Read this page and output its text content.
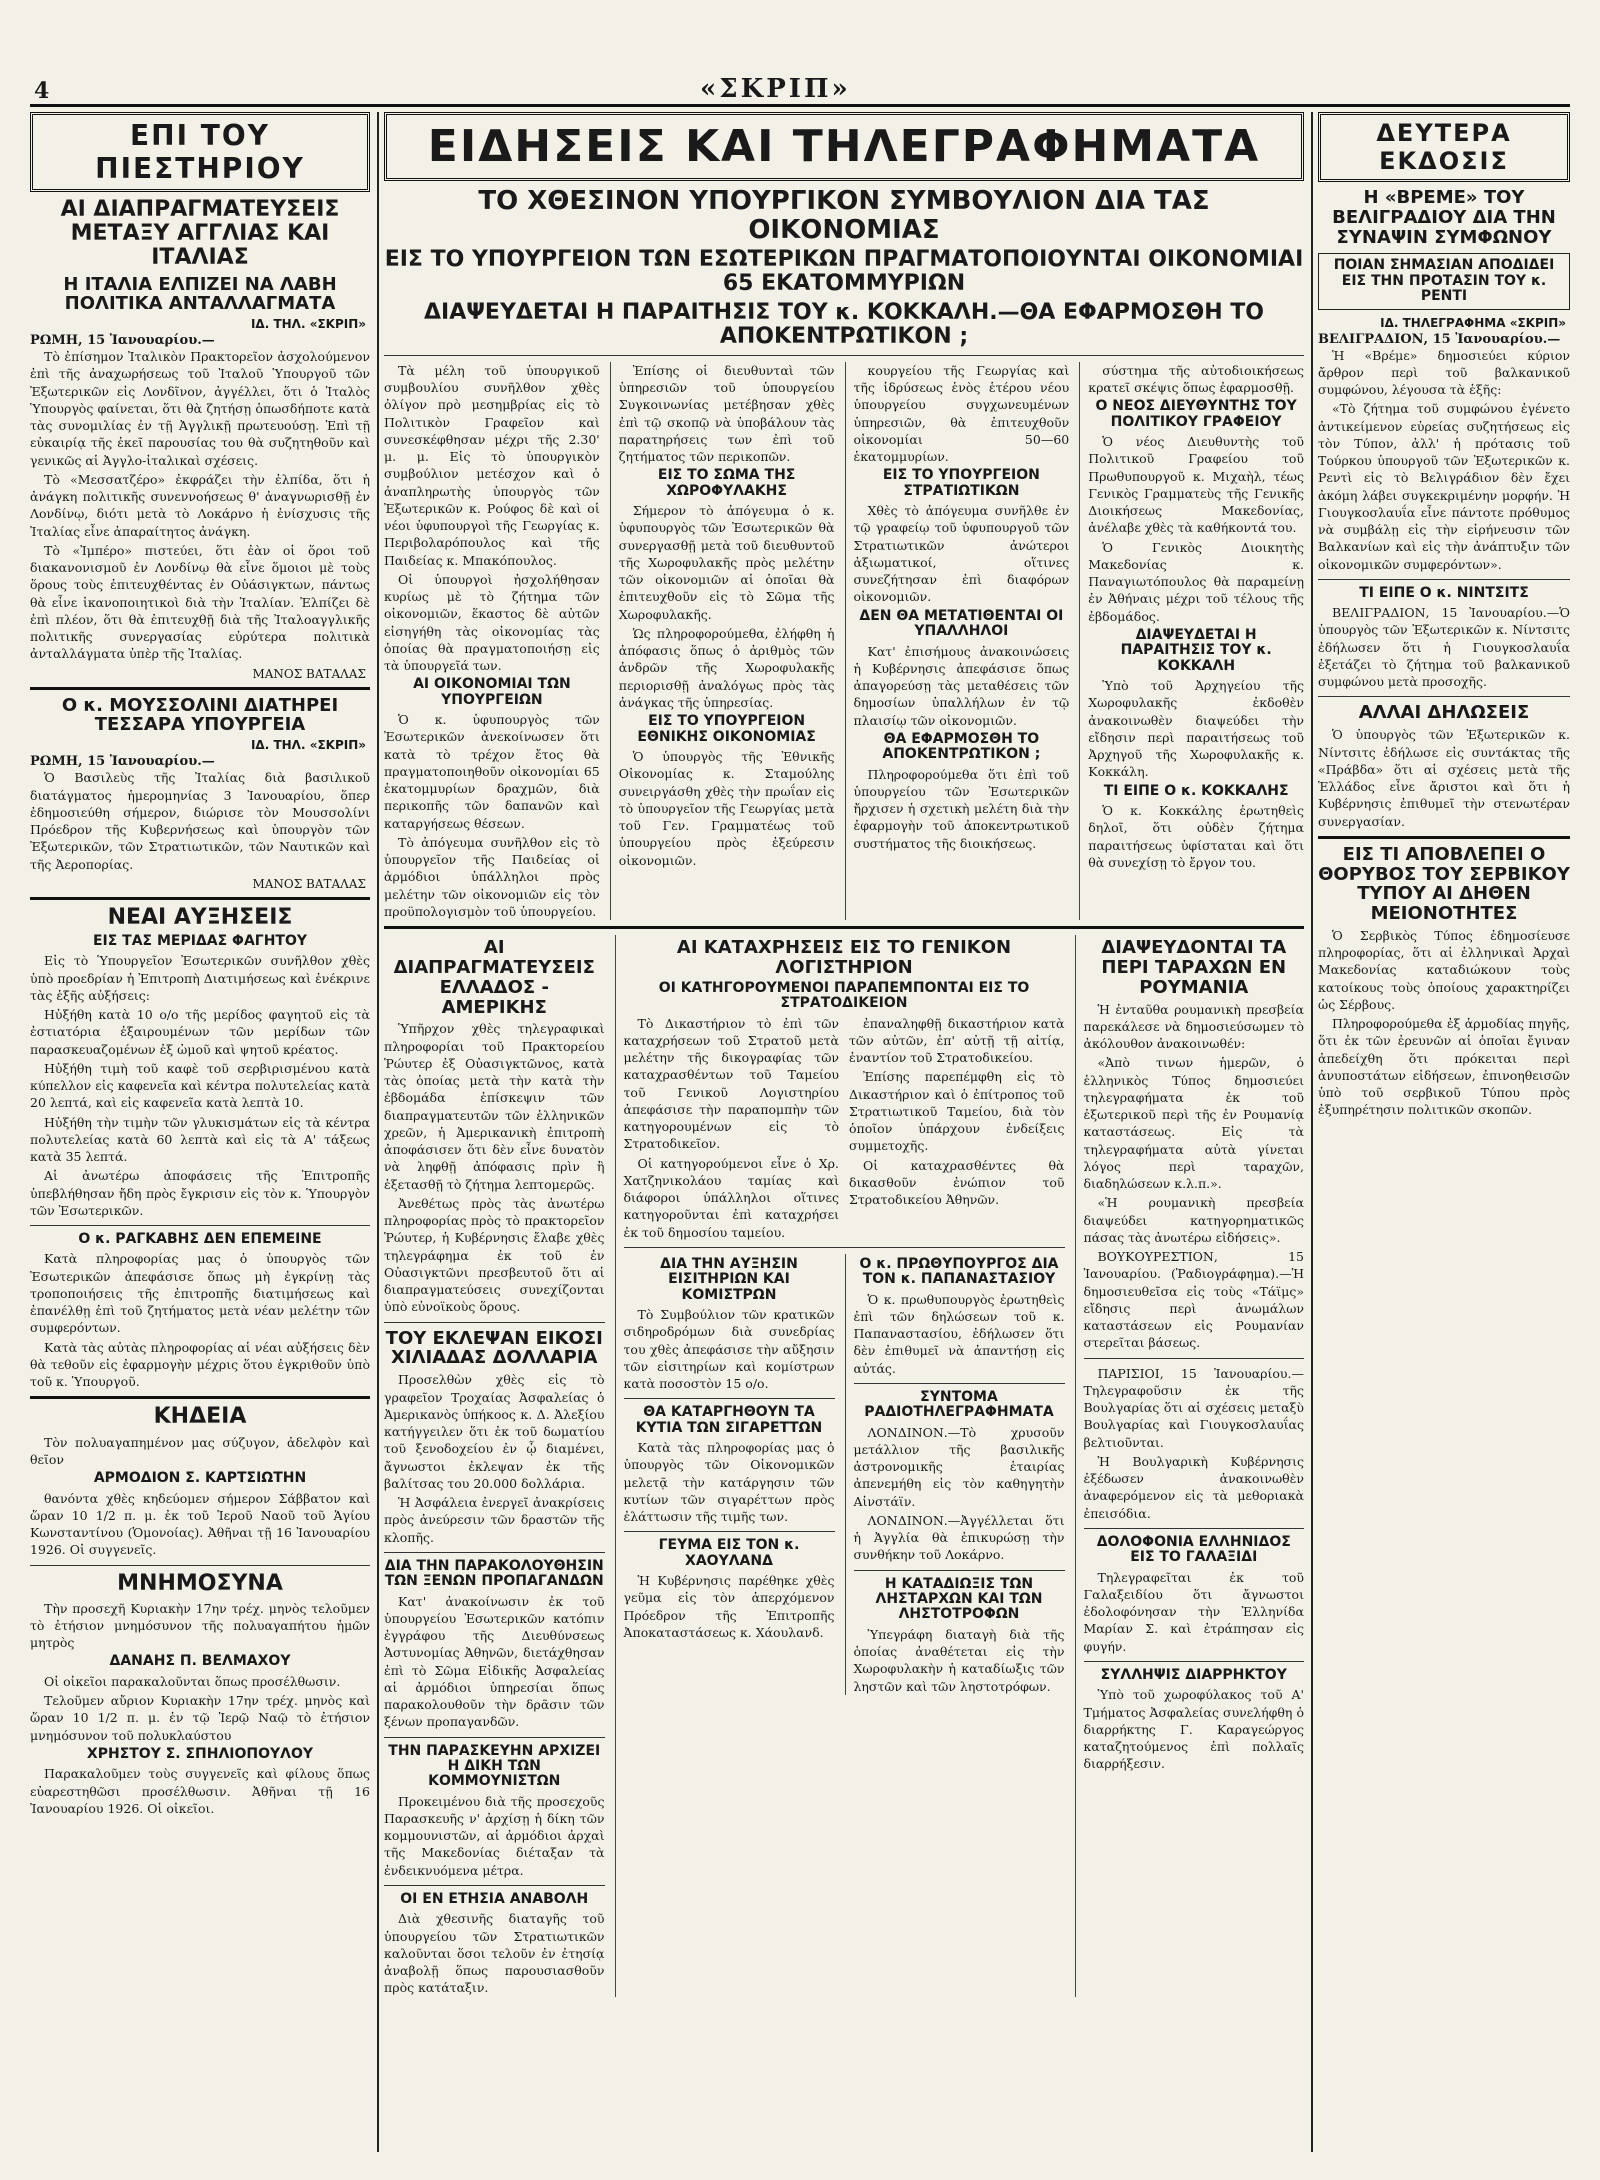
4	«ΣΚΡΙΠ»
ΕΠΙ ΤΟΥ ΠΙΕΣΤΗΡΙΟΥ
ΑΙ ΔΙΑΠΡΑΓΜΑΤΕΥΣΕΙΣ ΜΕΤΑΞΥ ΑΓΓΛΙΑΣ ΚΑΙ ΙΤΑΛΙΑΣ
Η ΙΤΑΛΙΑ ΕΛΠΙΖΕΙ ΝΑ ΛΑΒΗ ΠΟΛΙΤΙΚΑ ΑΝΤΑΛΛΑΓΜΑΤΑ
ΙΔ. ΤΗΛ. «ΣΚΡΙΠ»
ΡΩΜΗ, 15 Ἰανουαρίου.—

Τὸ ἐπίσημον Ἰταλικὸν Πρακτορεῖον ἀσχολούμενον ἐπὶ τῆς ἀναχωρήσεως τοῦ Ἰταλοῦ Ὑπουργοῦ τῶν Ἐξωτερικῶν εἰς Λονδῖνον, ἀγγέλλει, ὅτι ὁ Ἰταλὸς Ὑπουργὸς φαίνεται, ὅτι θὰ ζητήσῃ ὁπωσδήποτε κατὰ τὰς συνομιλίας ἐν τῇ Ἀγγλικῇ πρωτευούσῃ. Ἐπὶ τῇ εὐκαιρίᾳ τῆς ἐκεῖ παρουσίας του θὰ συζητηθοῦν καὶ γενικῶς αἱ Ἀγγλο-ἰταλικαὶ σχέσεις.

Τὸ «Μεσσατζέρο» ἐκφράζει τὴν ἐλπίδα, ὅτι ἡ ἀνάγκη πολιτικῆς συνεννοήσεως θ' ἀναγνωρισθῇ ἐν Λονδίνῳ, διότι μετὰ τὸ Λοκάρνο ἡ ἐνίσχυσις τῆς Ἰταλίας εἶνε ἀπαραίτητος ἀνάγκη.

Τὸ «Ἰμπέρο» πιστεύει, ὅτι ἐὰν οἱ ὅροι τοῦ διακανονισμοῦ ἐν Λονδίνῳ θὰ εἶνε ὅμοιοι μὲ τοὺς ὅρους τοὺς ἐπιτευχθέντας ἐν Οὐάσιγκτων, πάντως θὰ εἶνε ἱκανοποιητικοὶ διὰ τὴν Ἰταλίαν. Ἐλπίζει δὲ ἐπὶ πλέον, ὅτι θὰ ἐπιτευχθῇ διὰ τῆς Ἰταλοαγγλικῆς πολιτικῆς συνεργασίας εὐρύτερα πολιτικὰ ἀνταλλάγματα ὑπὲρ τῆς Ἰταλίας.

ΜΑΝΟΣ ΒΑΤΑΛΑΣ
Ο κ. ΜΟΥΣΣΟΛΙΝΙ ΔΙΑΤΗΡΕΙ ΤΕΣΣΑΡΑ ΥΠΟΥΡΓΕΙΑ
ΙΔ. ΤΗΛ. «ΣΚΡΙΠ»
ΡΩΜΗ, 15 Ἰανουαρίου.—

Ὁ Βασιλεὺς τῆς Ἰταλίας διὰ βασιλικοῦ διατάγματος ἡμερομηνίας 3 Ἰανουαρίου, ὅπερ ἐδημοσιεύθη σήμερον, διώρισε τὸν Μουσσολίνι Πρόεδρον τῆς Κυβερνήσεως καὶ ὑπουργὸν τῶν Ἐξωτερικῶν, τῶν Στρατιωτικῶν, τῶν Ναυτικῶν καὶ τῆς Ἀεροπορίας.

ΜΑΝΟΣ ΒΑΤΑΛΑΣ
ΝΕΑΙ ΑΥΞΗΣΕΙΣ
ΕΙΣ ΤΑΣ ΜΕΡΙΔΑΣ ΦΑΓΗΤΟΥ

Εἰς τὸ Ὑπουργεῖον Ἐσωτερικῶν συνῆλθον χθὲς ὑπὸ προεδρίαν ἡ Ἐπιτροπὴ Διατιμήσεως καὶ ἐνέκρινε τὰς ἑξῆς αὐξήσεις:

Ηὐξήθη κατὰ 10 ο/ο τῆς μερίδος φαγητοῦ εἰς τὰ ἐστιατόρια ἐξαιρουμένων τῶν μερίδων τῶν παρασκευαζομένων ἐξ ὠμοῦ καὶ ψητοῦ κρέατος.

Ηὐξήθη τιμὴ τοῦ καφὲ τοῦ σερβιρισμένου κατὰ κύπελλον εἰς καφενεῖα καὶ κέντρα πολυτελείας κατὰ 20 λεπτά, καὶ εἰς καφενεῖα κατὰ λεπτὰ 10.

Ηὐξήθη τὴν τιμὴν τῶν γλυκισμάτων εἰς τὰ κέντρα πολυτελείας κατὰ 60 λεπτὰ καὶ εἰς τὰ Α' τάξεως κατὰ 35 λεπτά.

Αἱ ἀνωτέρω ἀποφάσεις τῆς Ἐπιτροπῆς ὑπεβλήθησαν ἤδη πρὸς ἔγκρισιν εἰς τὸν κ. Ὑπουργὸν τῶν Ἐσωτερικῶν.

Ο κ. ΡΑΓΚΑΒΗΣ ΔΕΝ ΕΠΕΜΕΙΝΕ

Κατὰ πληροφορίας μας ὁ ὑπουργὸς τῶν Ἐσωτερικῶν ἀπεφάσισε ὅπως μὴ ἐγκρίνῃ τὰς τροποποιήσεις τῆς ἐπιτροπῆς διατιμήσεως καὶ ἐπανέλθῃ ἐπὶ τοῦ ζητήματος μετὰ νέαν μελέτην τῶν συμφερόντων.

Κατὰ τὰς αὐτὰς πληροφορίας αἱ νέαι αὐξήσεις δὲν θὰ τεθοῦν εἰς ἐφαρμογὴν μέχρις ὅτου ἐγκριθοῦν ὑπὸ τοῦ κ. Ὑπουργοῦ.

ΚΗΔΕΙΑ

Τὸν πολυαγαπημένον μας σύζυγον, ἀδελφὸν καὶ θεῖον

ΑΡΜΟΔΙΟΝ Σ. ΚΑΡΤΣΙΩΤΗΝ

θανόντα χθὲς κηδεύομεν σήμερον Σάββατον καὶ ὥραν 10 1/2 π. μ. ἐκ τοῦ Ἱεροῦ Ναοῦ τοῦ Ἁγίου Κωνσταντίνου (Ὁμονοίας). Ἀθῆναι τῇ 16 Ἰανουαρίου 1926. Οἱ συγγενεῖς.

ΜΝΗΜΟΣΥΝΑ

Τὴν προσεχῆ Κυριακὴν 17ην τρέχ. μηνὸς τελοῦμεν τὸ ἐτήσιον μνημόσυνον τῆς πολυαγαπήτου ἡμῶν μητρὸς

ΔΑΝΑΗΣ Π. ΒΕΛΜΑΧΟΥ

Οἱ οἰκεῖοι παρακαλοῦνται ὅπως προσέλθωσιν.

Τελοῦμεν αὔριον Κυριακὴν 17ην τρέχ. μηνὸς καὶ ὥραν 10 1/2 π. μ. ἐν τῷ Ἱερῷ Ναῷ τὸ ἐτήσιον μνημόσυνον τοῦ πολυκλαύστου

ΧΡΗΣΤΟΥ Σ. ΣΠΗΛΙΟΠΟΥΛΟΥ

Παρακαλοῦμεν τοὺς συγγενεῖς καὶ φίλους ὅπως εὐαρεστηθῶσι προσέλθωσιν. Ἀθῆναι τῇ 16 Ἰανουαρίου 1926. Οἱ οἰκεῖοι.

ΕΙΔΗΣΕΙΣ ΚΑΙ ΤΗΛΕΓΡΑΦΗΜΑΤΑ
ΤΟ ΧΘΕΣΙΝΟΝ ΥΠΟΥΡΓΙΚΟΝ ΣΥΜΒΟΥΛΙΟΝ ΔΙΑ ΤΑΣ ΟΙΚΟΝΟΜΙΑΣ
ΕΙΣ ΤΟ ΥΠΟΥΡΓΕΙΟΝ ΤΩΝ ΕΣΩΤΕΡΙΚΩΝ ΠΡΑΓΜΑΤΟΠΟΙΟΥΝΤΑΙ ΟΙΚΟΝΟΜΙΑΙ 65 ΕΚΑΤΟΜΜΥΡΙΩΝ
ΔΙΑΨΕΥΔΕΤΑΙ Η ΠΑΡΑΙΤΗΣΙΣ ΤΟΥ κ. ΚΟΚΚΑΛΗ.—ΘΑ ΕΦΑΡΜΟΣΘΗ ΤΟ ΑΠΟΚΕΝΤΡΩΤΙΚΟΝ ;

Τὰ μέλη τοῦ ὑπουργικοῦ συμβουλίου συνῆλθον χθὲς ὀλίγον πρὸ μεσημβρίας εἰς τὸ Πολιτικὸν Γραφεῖον καὶ συνεσκέφθησαν μέχρι τῆς 2.30' μ. μ. Εἰς τὸ ὑπουργικὸν συμβούλιον μετέσχον καὶ ὁ ἀναπληρωτὴς ὑπουργὸς τῶν Ἐξωτερικῶν κ. Ρούφος δὲ καὶ οἱ νέοι ὑφυπουργοὶ τῆς Γεωργίας κ. Περιβολαρόπουλος καὶ τῆς Παιδείας κ. Μπακόπουλος.

Οἱ ὑπουργοὶ ἠσχολήθησαν κυρίως μὲ τὸ ζήτημα τῶν οἰκονομιῶν, ἕκαστος δὲ αὐτῶν εἰσηγήθη τὰς οἰκονομίας τὰς ὁποίας θὰ πραγματοποιήσῃ εἰς τὰ ὑπουργεῖά των.

ΑΙ ΟΙΚΟΝΟΜΙΑΙ ΤΩΝ ΥΠΟΥΡΓΕΙΩΝ

Ὁ κ. ὑφυπουργὸς τῶν Ἐσωτερικῶν ἀνεκοίνωσεν ὅτι κατὰ τὸ τρέχον ἔτος θὰ πραγματοποιηθοῦν οἰκονομίαι 65 ἑκατομμυρίων δραχμῶν, διὰ περικοπῆς τῶν δαπανῶν καὶ καταργήσεως θέσεων.

Τὸ ἀπόγευμα συνῆλθον εἰς τὸ ὑπουργεῖον τῆς Παιδείας οἱ ἀρμόδιοι ὑπάλληλοι πρὸς μελέτην τῶν οἰκονομιῶν εἰς τὸν προϋπολογισμὸν τοῦ ὑπουργείου.

Ἐπίσης οἱ διευθυνταὶ τῶν ὑπηρεσιῶν τοῦ ὑπουργείου Συγκοινωνίας μετέβησαν χθὲς ἐπὶ τῷ σκοπῷ νὰ ὑποβάλουν τὰς παρατηρήσεις των ἐπὶ τοῦ ζητήματος τῶν περικοπῶν.

ΕΙΣ ΤΟ ΣΩΜΑ ΤΗΣ ΧΩΡΟΦΥΛΑΚΗΣ

Σήμερον τὸ ἀπόγευμα ὁ κ. ὑφυπουργὸς τῶν Ἐσωτερικῶν θὰ συνεργασθῇ μετὰ τοῦ διευθυντοῦ τῆς Χωροφυλακῆς πρὸς μελέτην τῶν οἰκονομιῶν αἱ ὁποῖαι θὰ ἐπιτευχθοῦν εἰς τὸ Σῶμα τῆς Χωροφυλακῆς.

Ὡς πληροφορούμεθα, ἐλήφθη ἡ ἀπόφασις ὅπως ὁ ἀριθμὸς τῶν ἀνδρῶν τῆς Χωροφυλακῆς περιορισθῇ ἀναλόγως πρὸς τὰς ἀνάγκας τῆς ὑπηρεσίας.

ΕΙΣ ΤΟ ΥΠΟΥΡΓΕΙΟΝ ΕΘΝΙΚΗΣ ΟΙΚΟΝΟΜΙΑΣ

Ὁ ὑπουργὸς τῆς Ἐθνικῆς Οἰκονομίας κ. Σταμούλης συνειργάσθη χθὲς τὴν πρωΐαν εἰς τὸ ὑπουργεῖον τῆς Γεωργίας μετὰ τοῦ Γεν. Γραμματέως τοῦ ὑπουργείου πρὸς ἐξεύρεσιν οἰκονομιῶν.

κουργείου τῆς Γεωργίας καὶ τῆς ἱδρύσεως ἑνὸς ἑτέρου νέου ὑπουργείου συγχωνευμένων ὑπηρεσιῶν, θὰ ἐπιτευχθοῦν οἰκονομίαι 50—60 ἑκατομμυρίων.

ΕΙΣ ΤΟ ΥΠΟΥΡΓΕΙΟΝ ΣΤΡΑΤΙΩΤΙΚΩΝ

Χθὲς τὸ ἀπόγευμα συνῆλθε ἐν τῷ γραφείῳ τοῦ ὑφυπουργοῦ τῶν Στρατιωτικῶν ἀνώτεροι ἀξιωματικοί, οἵτινες συνεζήτησαν ἐπὶ διαφόρων οἰκονομιῶν.

ΔΕΝ ΘΑ ΜΕΤΑΤΙΘΕΝΤΑΙ ΟΙ ΥΠΑΛΛΗΛΟΙ

Κατ' ἐπισήμους ἀνακοινώσεις ἡ Κυβέρνησις ἀπεφάσισε ὅπως ἀπαγορεύσῃ τὰς μεταθέσεις τῶν δημοσίων ὑπαλλήλων ἐν τῷ πλαισίῳ τῶν οἰκονομιῶν.

ΘΑ ΕΦΑΡΜΟΣΘΗ ΤΟ ΑΠΟΚΕΝΤΡΩΤΙΚΟΝ ;

Πληροφορούμεθα ὅτι ἐπὶ τοῦ ὑπουργείου τῶν Ἐσωτερικῶν ἤρχισεν ἡ σχετικὴ μελέτη διὰ τὴν ἐφαρμογὴν τοῦ ἀποκεντρωτικοῦ συστήματος τῆς διοικήσεως.

σύστημα τῆς αὐτοδιοικήσεως κρατεῖ σκέψις ὅπως ἐφαρμοσθῇ.

Ο ΝΕΟΣ ΔΙΕΥΘΥΝΤΗΣ ΤΟΥ ΠΟΛΙΤΙΚΟΥ ΓΡΑΦΕΙΟΥ

Ὁ νέος Διευθυντὴς τοῦ Πολιτικοῦ Γραφείου τοῦ Πρωθυπουργοῦ κ. Μιχαὴλ, τέως Γενικὸς Γραμματεὺς τῆς Γενικῆς Διοικήσεως Μακεδονίας, ἀνέλαβε χθὲς τὰ καθήκοντά του.

Ὁ Γενικὸς Διοικητὴς Μακεδονίας κ. Παναγιωτόπουλος θὰ παραμείνῃ ἐν Ἀθήναις μέχρι τοῦ τέλους τῆς ἑβδομάδος.

ΔΙΑΨΕΥΔΕΤΑΙ Η ΠΑΡΑΙΤΗΣΙΣ ΤΟΥ κ. ΚΟΚΚΑΛΗ

Ὑπὸ τοῦ Ἀρχηγείου τῆς Χωροφυλακῆς ἐκδοθὲν ἀνακοινωθὲν διαψεύδει τὴν εἴδησιν περὶ παραιτήσεως τοῦ Ἀρχηγοῦ τῆς Χωροφυλακῆς κ. Κοκκάλη.

ΤΙ ΕΙΠΕ Ο κ. ΚΟΚΚΑΛΗΣ

Ὁ κ. Κοκκάλης ἐρωτηθεὶς δηλοῖ, ὅτι οὐδὲν ζήτημα παραιτήσεως ὑφίσταται καὶ ὅτι θὰ συνεχίσῃ τὸ ἔργον του.

ΑΙ ΔΙΑΠΡΑΓΜΑΤΕΥΣΕΙΣ ΕΛΛΑΔΟΣ - ΑΜΕΡΙΚΗΣ

Ὑπῆρχον χθὲς τηλεγραφικαὶ πληροφορίαι τοῦ Πρακτορείου Ῥώυτερ ἐξ Οὐασιγκτῶνος, κατὰ τὰς ὁποίας μετὰ τὴν κατὰ τὴν ἐβδομάδα ἐπίσκεψιν τῶν διαπραγματευτῶν τῶν ἑλληνικῶν χρεῶν, ἡ Ἀμερικανικὴ ἐπιτροπὴ ἀποφάσισεν ὅτι δὲν εἶνε δυνατὸν νὰ ληφθῇ ἀπόφασις πρὶν ἢ ἐξετασθῇ τὸ ζήτημα λεπτομερῶς.

Ἀνεθέτως πρὸς τὰς ἀνωτέρω πληροφορίας πρὸς τὸ πρακτορεῖον Ῥώυτερ, ἡ Κυβέρνησις ἔλαβε χθὲς τηλεγράφημα ἐκ τοῦ ἐν Οὐασιγκτῶνι πρεσβευτοῦ ὅτι αἱ διαπραγματεύσεις συνεχίζονται ὑπὸ εὐνοϊκοὺς ὅρους.

ΤΟΥ ΕΚΛΕΨΑΝ ΕΙΚΟΣΙ ΧΙΛΙΑΔΑΣ ΔΟΛΛΑΡΙΑ

Προσελθὼν χθὲς εἰς τὸ γραφεῖον Τροχαίας Ἀσφαλείας ὁ Ἀμερικανὸς ὑπήκοος κ. Δ. Ἀλεξίου κατήγγειλεν ὅτι ἐκ τοῦ δωματίου τοῦ ξενοδοχείου ἐν ᾧ διαμένει, ἄγνωστοι ἐκλεψαν ἐκ τῆς βαλίτσας του 20.000 δολλάρια.

Ἡ Ἀσφάλεια ἐνεργεῖ ἀνακρίσεις πρὸς ἀνεύρεσιν τῶν δραστῶν τῆς κλοπῆς.

ΔΙΑ ΤΗΝ ΠΑΡΑΚΟΛΟΥΘΗΣΙΝ ΤΩΝ ΞΕΝΩΝ ΠΡΟΠΑΓΑΝΔΩΝ

Κατ' ἀνακοίνωσιν ἐκ τοῦ ὑπουργείου Ἐσωτερικῶν κατόπιν ἐγγράφου τῆς Διευθύνσεως Ἀστυνομίας Ἀθηνῶν, διετάχθησαν ἐπὶ τὸ Σῶμα Εἰδικῆς Ἀσφαλείας αἱ ἀρμόδιοι ὑπηρεσίαι ὅπως παρακολουθοῦν τὴν δρᾶσιν τῶν ξένων προπαγανδῶν.

ΤΗΝ ΠΑΡΑΣΚΕΥΗΝ ΑΡΧΙΖΕΙ Η ΔΙΚΗ ΤΩΝ ΚΟΜΜΟΥΝΙΣΤΩΝ

Προκειμένου διὰ τῆς προσεχοῦς Παρασκευῆς ν' ἀρχίσῃ ἡ δίκη τῶν κομμουνιστῶν, αἱ ἀρμόδιοι ἀρχαὶ τῆς Μακεδονίας διέταξαν τὰ ἐνδεικνυόμενα μέτρα.

ΟΙ ΕΝ ΕΤΗΣΙΑ ΑΝΑΒΟΛΗ

Διὰ χθεσινῆς διαταγῆς τοῦ ὑπουργείου τῶν Στρατιωτικῶν καλοῦνται ὅσοι τελοῦν ἐν ἐτησίᾳ ἀναβολῇ ὅπως παρουσιασθοῦν πρὸς κατάταξιν.

ΑΙ ΚΑΤΑΧΡΗΣΕΙΣ ΕΙΣ ΤΟ ΓΕΝΙΚΟΝ ΛΟΓΙΣΤΗΡΙΟΝ
ΟΙ ΚΑΤΗΓΟΡΟΥΜΕΝΟΙ ΠΑΡΑΠΕΜΠΟΝΤΑΙ ΕΙΣ ΤΟ ΣΤΡΑΤΟΔΙΚΕΙΟΝ

Τὸ Δικαστήριον τὸ ἐπὶ τῶν καταχρήσεων τοῦ Στρατοῦ μετὰ μελέτην τῆς δικογραφίας τῶν καταχρασθέντων τοῦ Ταμείου τοῦ Γενικοῦ Λογιστηρίου ἀπεφάσισε τὴν παραπομπὴν τῶν κατηγορουμένων εἰς τὸ Στρατοδικεῖον.

Οἱ κατηγορούμενοι εἶνε ὁ Χρ. Χατζηνικολάου ταμίας καὶ διάφοροι ὑπάλληλοι οἵτινες κατηγοροῦνται ἐπὶ καταχρήσει ἐκ τοῦ δημοσίου ταμείου.

ἐπαναληφθῇ δικαστήριον κατὰ τῶν αὐτῶν, ἐπ' αὐτῇ τῇ αἰτίᾳ, ἐναντίον τοῦ Στρατοδικείου.

Ἐπίσης παρεπέμφθη εἰς τὸ Δικαστήριον καὶ ὁ ἐπίτροπος τοῦ Στρατιωτικοῦ Ταμείου, διὰ τὸν ὁποῖον ὑπάρχουν ἐνδείξεις συμμετοχῆς.

Οἱ καταχρασθέντες θὰ δικασθοῦν ἐνώπιον τοῦ Στρατοδικείου Ἀθηνῶν.

ΔΙΑ ΤΗΝ ΑΥΞΗΣΙΝ ΕΙΣΙΤΗΡΙΩΝ ΚΑΙ ΚΟΜΙΣΤΡΩΝ

Τὸ Συμβούλιον τῶν κρατικῶν σιδηροδρόμων διὰ συνεδρίας του χθὲς ἀπεφάσισε τὴν αὔξησιν τῶν εἰσιτηρίων καὶ κομίστρων κατὰ ποσοστὸν 15 ο/ο.

ΘΑ ΚΑΤΑΡΓΗΘΟΥΝ ΤΑ ΚΥΤΙΑ ΤΩΝ ΣΙΓΑΡΕΤΤΩΝ

Κατὰ τὰς πληροφορίας μας ὁ ὑπουργὸς τῶν Οἰκονομικῶν μελετᾷ τὴν κατάργησιν τῶν κυτίων τῶν σιγαρέττων πρὸς ἐλάττωσιν τῆς τιμῆς των.

ΓΕΥΜΑ ΕΙΣ ΤΟΝ κ. ΧΑΟΥΛΑΝΔ

Ἡ Κυβέρνησις παρέθηκε χθὲς γεῦμα εἰς τὸν ἀπερχόμενον Πρόεδρον τῆς Ἐπιτροπῆς Ἀποκαταστάσεως κ. Χάουλανδ.

Ο κ. ΠΡΩΘΥΠΟΥΡΓΟΣ ΔΙΑ ΤΟΝ κ. ΠΑΠΑΝΑΣΤΑΣΙΟΥ

Ὁ κ. πρωθυπουργὸς ἐρωτηθεὶς ἐπὶ τῶν δηλώσεων τοῦ κ. Παπαναστασίου, ἐδήλωσεν ὅτι δὲν ἐπιθυμεῖ νὰ ἀπαντήσῃ εἰς αὐτάς.

ΣΥΝΤΟΜΑ ΡΑΔΙΟΤΗΛΕΓΡΑΦΗΜΑΤΑ

ΛΟΝΔΙΝΟΝ.—Τὸ χρυσοῦν μετάλλιον τῆς βασιλικῆς ἀστρονομικῆς ἑταιρίας ἀπενεμήθη εἰς τὸν καθηγητὴν Αἰνστάϊν.

ΛΟΝΔΙΝΟΝ.—Ἀγγέλλεται ὅτι ἡ Ἀγγλία θὰ ἐπικυρώσῃ τὴν συνθήκην τοῦ Λοκάρνο.

Η ΚΑΤΑΔΙΩΞΙΣ ΤΩΝ ΛΗΣΤΑΡΧΩΝ ΚΑΙ ΤΩΝ ΛΗΣΤΟΤΡΟΦΩΝ

Ὑπεγράφη διαταγὴ διὰ τῆς ὁποίας ἀναθέτεται εἰς τὴν Χωροφυλακὴν ἡ καταδίωξις τῶν ληστῶν καὶ τῶν ληστοτρόφων.

ΔΙΑΨΕΥΔΟΝΤΑΙ ΤΑ ΠΕΡΙ ΤΑΡΑΧΩΝ ΕΝ ΡΟΥΜΑΝΙΑ

Ἡ ἐνταῦθα ρουμανικὴ πρεσβεία παρεκάλεσε νὰ δημοσιεύσωμεν τὸ ἀκόλουθον ἀνακοινωθέν:

«Ἀπὸ τινων ἡμερῶν, ὁ ἑλληνικὸς Τύπος δημοσιεύει τηλεγραφήματα ἐκ τοῦ ἐξωτερικοῦ περὶ τῆς ἐν Ρουμανίᾳ καταστάσεως. Εἰς τὰ τηλεγραφήματα αὐτὰ γίνεται λόγος περὶ ταραχῶν, διαδηλώσεων κ.λ.π.».

«Ἡ ρουμανικὴ πρεσβεία διαψεύδει κατηγορηματικῶς πάσας τὰς ἀνωτέρω εἰδήσεις».

ΒΟΥΚΟΥΡΕΣΤΙΟΝ, 15 Ἰανουαρίου. (Ῥαδιογράφημα).—Ἡ δημοσιευθεῖσα εἰς τοὺς «Τάϊμς» εἴδησις περὶ ἀνωμάλων καταστάσεων εἰς Ρουμανίαν στερεῖται βάσεως.

ΠΑΡΙΣΙΟΙ, 15 Ἰανουαρίου.—Τηλεγραφοῦσιν ἐκ τῆς Βουλγαρίας ὅτι αἱ σχέσεις μεταξὺ Βουλγαρίας καὶ Γιουγκοσλαυΐας βελτιοῦνται.

Ἡ Βουλγαρικὴ Κυβέρνησις ἐξέδωσεν ἀνακοινωθὲν ἀναφερόμενον εἰς τὰ μεθοριακὰ ἐπεισόδια.

ΔΟΛΟΦΟΝΙΑ ΕΛΛΗΝΙΔΟΣ ΕΙΣ ΤΟ ΓΑΛΑΞΙΔΙ

Τηλεγραφεῖται ἐκ τοῦ Γαλαξειδίου ὅτι ἄγνωστοι ἐδολοφόνησαν τὴν Ἑλληνίδα Μαρίαν Σ. καὶ ἐτράπησαν εἰς φυγήν.

ΣΥΛΛΗΨΙΣ ΔΙΑΡΡΗΚΤΟΥ

Ὑπὸ τοῦ χωροφύλακος τοῦ Α' Τμήματος Ἀσφαλείας συνελήφθη ὁ διαρρήκτης Γ. Καραγεώργος καταζητούμενος ἐπὶ πολλαῖς διαρρήξεσιν.

ΔΕΥΤΕΡΑ ΕΚΔΟΣΙΣ
Η «ΒΡΕΜΕ» ΤΟΥ ΒΕΛΙΓΡΑΔΙΟΥ ΔΙΑ ΤΗΝ ΣΥΝΑΨΙΝ ΣΥΜΦΩΝΟΥ
ΠΟΙΑΝ ΣΗΜΑΣΙΑΝ ΑΠΟΔΙΔΕΙ ΕΙΣ ΤΗΝ ΠΡΟΤΑΣΙΝ ΤΟΥ κ. ΡΕΝΤΙ
ΙΔ. ΤΗΛΕΓΡΑΦΗΜΑ «ΣΚΡΙΠ»
ΒΕΛΙΓΡΑΔΙΟΝ, 15 Ἰανουαρίου.—

Ἡ «Βρέμε» δημοσιεύει κύριον ἄρθρον περὶ τοῦ βαλκανικοῦ συμφώνου, λέγουσα τὰ ἑξῆς:

«Τὸ ζήτημα τοῦ συμφώνου ἐγένετο ἀντικείμενον εὐρείας συζητήσεως εἰς τὸν Τύπον, ἀλλ' ἡ πρότασις τοῦ Τούρκου ὑπουργοῦ τῶν Ἐξωτερικῶν κ. Ρεντὶ εἰς τὸ Βελιγράδιον δὲν ἔχει ἀκόμη λάβει συγκεκριμένην μορφήν. Ἡ Γιουγκοσλαυΐα εἶνε πάντοτε πρόθυμος νὰ συμβάλῃ εἰς τὴν εἰρήνευσιν τῶν Βαλκανίων καὶ εἰς τὴν ἀνάπτυξιν τῶν οἰκονομικῶν συμφερόντων».

ΤΙ ΕΙΠΕ Ο κ. ΝΙΝΤΣΙΤΣ

ΒΕΛΙΓΡΑΔΙΟΝ, 15 Ἰανουαρίου.—Ὁ ὑπουργὸς τῶν Ἐξωτερικῶν κ. Νίντσιτς ἐδήλωσεν ὅτι ἡ Γιουγκοσλαυΐα ἐξετάζει τὸ ζήτημα τοῦ βαλκανικοῦ συμφώνου μετὰ προσοχῆς.

ΑΛΛΑΙ ΔΗΛΩΣΕΙΣ

Ὁ ὑπουργὸς τῶν Ἐξωτερικῶν κ. Νίντσιτς ἐδήλωσε εἰς συντάκτας τῆς «Πράβδα» ὅτι αἱ σχέσεις μετὰ τῆς Ἑλλάδος εἶνε ἄριστοι καὶ ὅτι ἡ Κυβέρνησις ἐπιθυμεῖ τὴν στενωτέραν συνεργασίαν.

ΕΙΣ ΤΙ ΑΠΟΒΛΕΠΕΙ Ο ΘΟΡΥΒΟΣ ΤΟΥ ΣΕΡΒΙΚΟΥ ΤΥΠΟΥ ΑΙ ΔΗΘΕΝ ΜΕΙΟΝΟΤΗΤΕΣ

Ὁ Σερβικὸς Τύπος ἐδημοσίευσε πληροφορίας, ὅτι αἱ ἑλληνικαὶ Ἀρχαὶ Μακεδονίας καταδιώκουν τοὺς κατοίκους τοὺς ὁποίους χαρακτηρίζει ὡς Σέρβους.

Πληροφορούμεθα ἐξ ἁρμοδίας πηγῆς, ὅτι ἐκ τῶν ἐρευνῶν αἱ ὁποῖαι ἔγιναν ἀπεδείχθη ὅτι πρόκειται περὶ ἀνυποστάτων εἰδήσεων, ἐπινοηθεισῶν ὑπὸ τοῦ σερβικοῦ Τύπου πρὸς ἐξυπηρέτησιν πολιτικῶν σκοπῶν.
